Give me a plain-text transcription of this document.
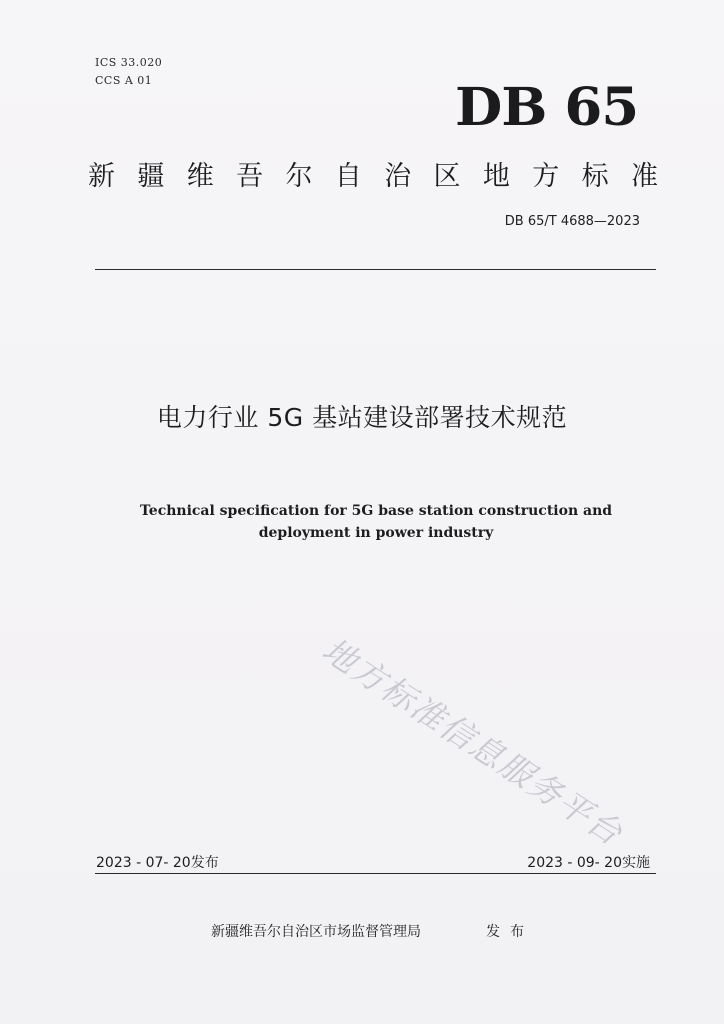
ICS 33.020
CCS A 01	DB 65
新 疆 维 吾 尔 自 治 区 地 方 标 准
DB 65/T 4688—2023
电力行业 5G 基站建设部署技术规范
Technical specification for 5G base station construction and deployment in power industry
地方标准信息服务平台
2023 - 07- 20发布	2023 - 09- 20实施
新疆维吾尔自治区市场监督管理局	发布
